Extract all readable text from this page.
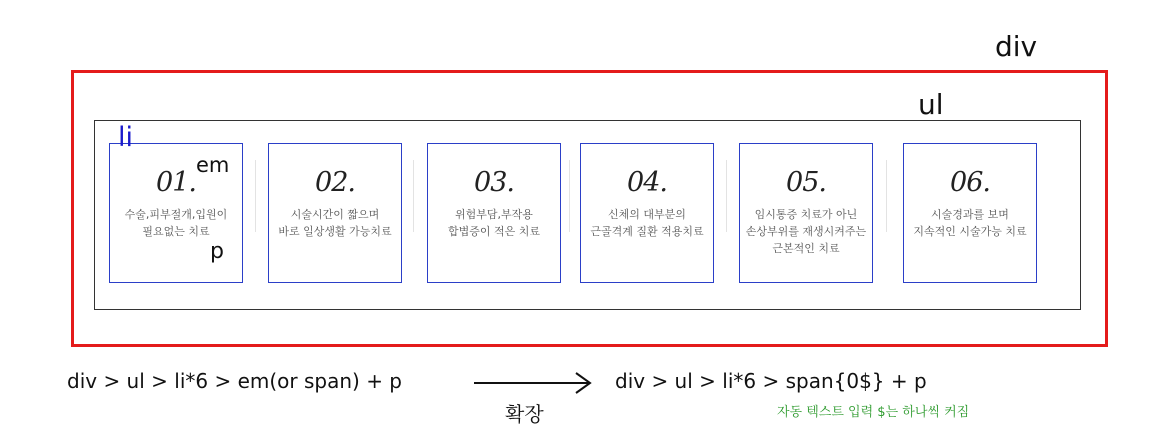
div
ul
li
em
p
01.
수술,피부절개,입원이
필요없는 치료
02.
시술시간이 짧으며
바로 일상생활 가능치료
03.
위험부담,부작용
합볍증이 적은 치료
04.
신체의 대부분의
근골격계 질환 적용치료
05.
임시통증 치료가 아닌
손상부위를 재생시켜주는
근본적인 치료
06.
시술경과를 보며
지속적인 시술가능 치료
div > ul > li*6 > em(or span) + p
확장
div > ul > li*6 > span{0$} + p
자동 텍스트 입력 $는 하나씩 커짐
